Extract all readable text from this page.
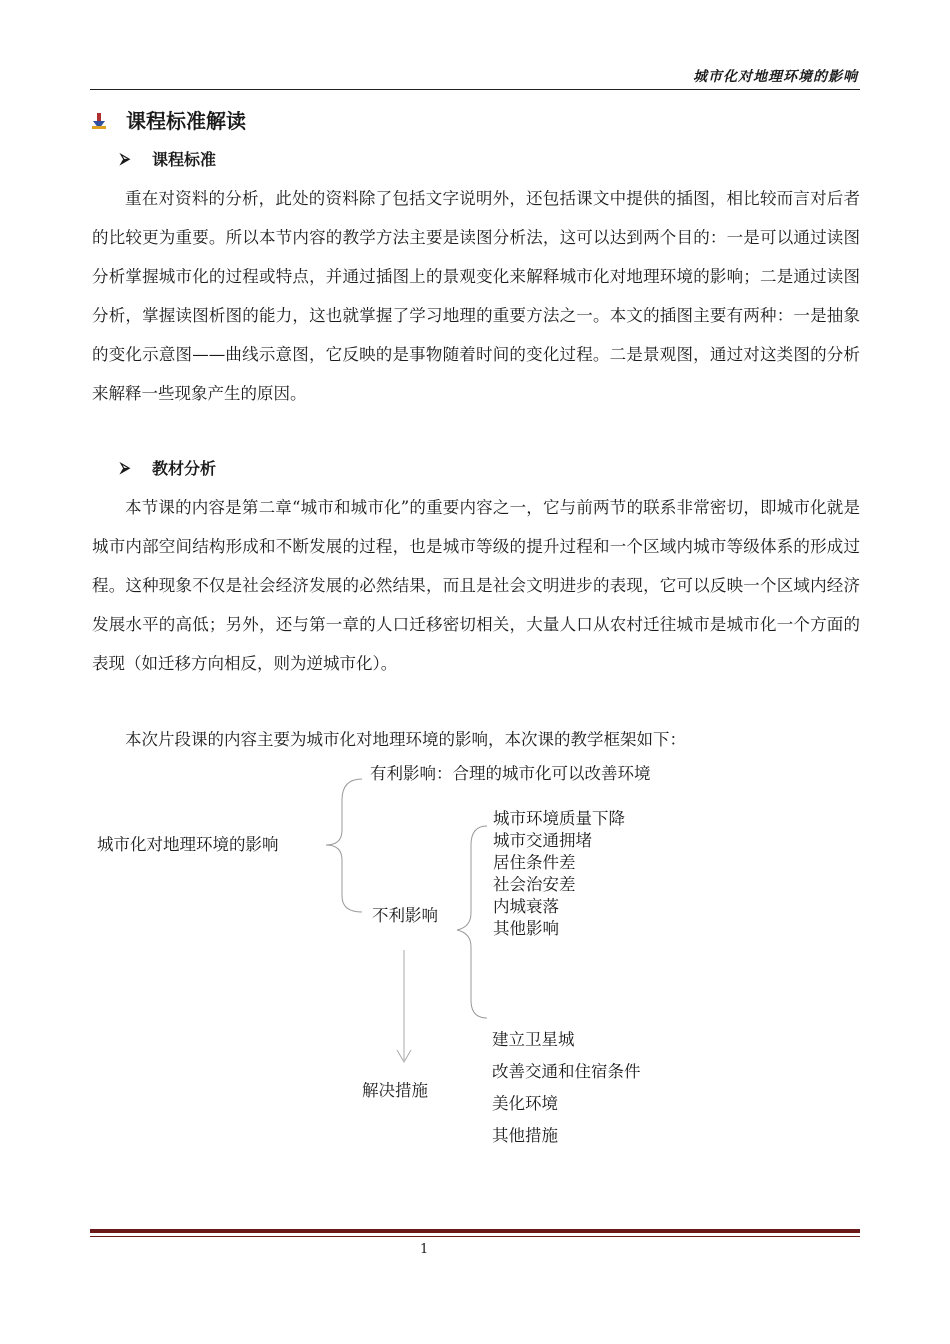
城市化对地理环境的影响
课程标准解读
⮚ 课程标准
重在对资料的分析，此处的资料除了包括文字说明外，还包括课文中提供的插图，相比较而言对后者的比较更为重要。所以本节内容的教学方法主要是读图分析法，这可以达到两个目的：一是可以通过读图分析掌握城市化的过程或特点，并通过插图上的景观变化来解释城市化对地理环境的影响；二是通过读图分析，掌握读图析图的能力，这也就掌握了学习地理的重要方法之一。本文的插图主要有两种：一是抽象的变化示意图——曲线示意图，它反映的是事物随着时间的变化过程。二是景观图，通过对这类图的分析来解释一些现象产生的原因。
⮚ 教材分析
本节课的内容是第二章“城市和城市化”的重要内容之一，它与前两节的联系非常密切，即城市化就是城市内部空间结构形成和不断发展的过程，也是城市等级的提升过程和一个区域内城市等级体系的形成过程。这种现象不仅是社会经济发展的必然结果，而且是社会文明进步的表现，它可以反映一个区域内经济发展水平的高低；另外，还与第一章的人口迁移密切相关，大量人口从农村迁往城市是城市化一个方面的表现（如迁移方向相反，则为逆城市化）。
本次片段课的内容主要为城市化对地理环境的影响，本次课的教学框架如下：
城市化对地理环境的影响
有利影响：合理的城市化可以改善环境
不利影响
城市环境质量下降
城市交通拥堵
居住条件差
社会治安差
内城衰落
其他影响
解决措施
建立卫星城
改善交通和住宿条件
美化环境
其他措施
1
